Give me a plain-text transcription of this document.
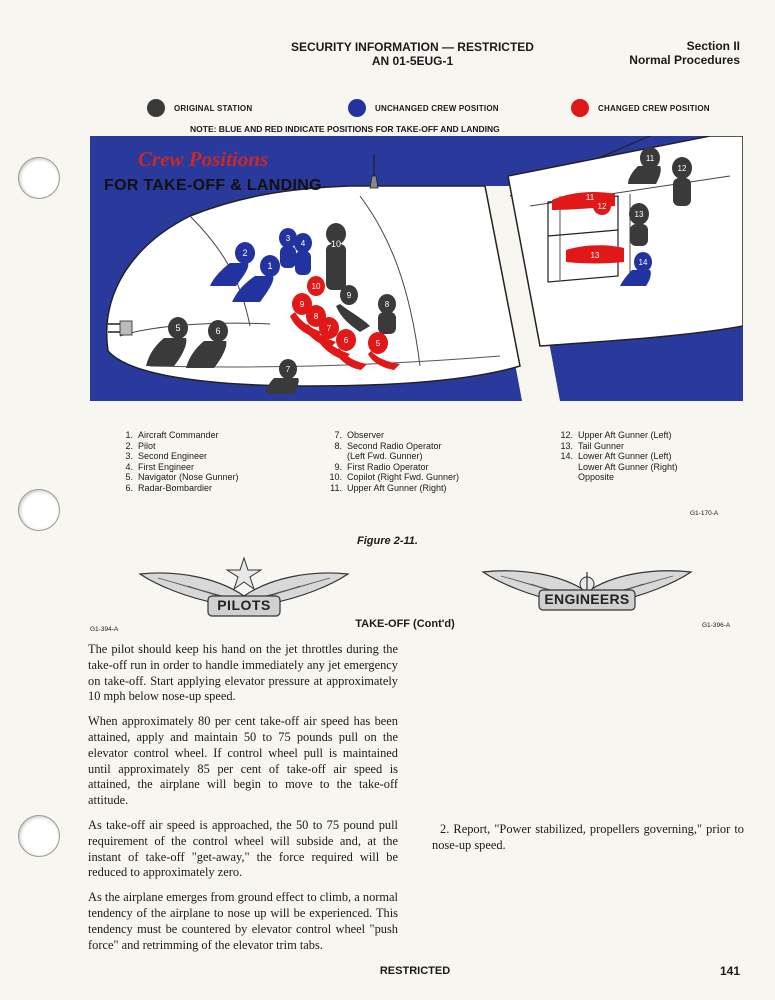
SECURITY INFORMATION — RESTRICTED
AN 01-5EUG-1
Section II
Normal Procedures
ORIGINAL STATION	UNCHANGED CREW POSITION	CHANGED CREW POSITION
NOTE: BLUE AND RED INDICATE POSITIONS FOR TAKE-OFF AND LANDING
1
2
3
4	10
5	6
7
8
9
10
9
8
7
6	5
11
12
11
12
13
13
14
Crew Positions
FOR TAKE-OFF & LANDING
1. Aircraft Commander
2. Pilot
3. Second Engineer
4. First Engineer
5. Navigator (Nose Gunner)
6. Radar-Bombardier
7. Observer
8. Second Radio Operator
(Left Fwd. Gunner)
9. First Radio Operator
10. Copilot (Right Fwd. Gunner)
11. Upper Aft Gunner (Right)
12. Upper Aft Gunner (Left)
13. Tail Gunner
14. Lower Aft Gunner (Left)
Lower Aft Gunner (Right)
Opposite
G1-170-A
Figure 2-11.
PILOTS
G1-394-A
ENGINEERS
G1-396-A
TAKE-OFF (Cont'd)

The pilot should keep his hand on the jet throttles during the take-off run in order to handle immediately any jet emergency on take-off. Start applying elevator pressure at approximately 10 mph below nose-up speed.

When approximately 80 per cent take-off air speed has been attained, apply and maintain 50 to 75 pounds pull on the elevator control wheel. If control wheel pull is maintained until approximately 85 per cent of take-off air speed is attained, the airplane will begin to move to the take-off attitude.

As take-off air speed is approached, the 50 to 75 pound pull requirement of the control wheel will subside and, at the instant of take-off "get-away," the force required will be reduced to approximately zero.

As the airplane emerges from ground effect to climb, a normal tendency of the airplane to nose up will be experienced. This tendency must be countered by elevator control wheel "push force" and retrimming of the elevator trim tabs.

2. Report, "Power stabilized, propellers governing," prior to nose-up speed.

RESTRICTED	141
